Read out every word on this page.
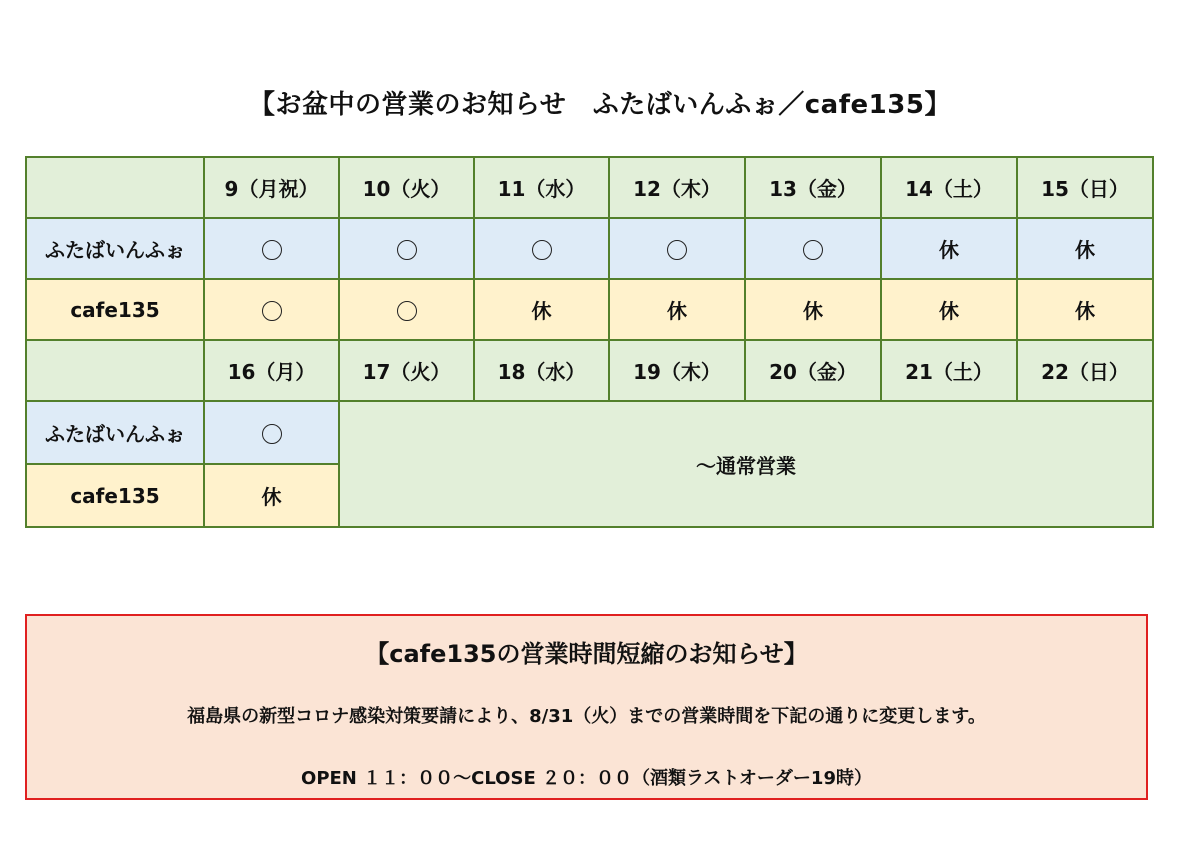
【お盆中の営業のお知らせ　ふたばいんふぉ／cafe135】
	9（月祝）	10（火）	11（水）	12（木）	13（金）	14（土）	15（日）
ふたばいんふぉ						休	休
cafe135			休	休	休	休	休
	16（月）	17（火）	18（水）	19（木）	20（金）	21（土）	22（日）
ふたばいんふぉ		～通常営業					
cafe135	休						
【cafe135の営業時間短縮のお知らせ】
福島県の新型コロナ感染対策要請により、8/31（火）までの営業時間を下記の通りに変更します。
OPEN １１：００～CLOSE ２０：００（酒類ラストオーダー19時）
